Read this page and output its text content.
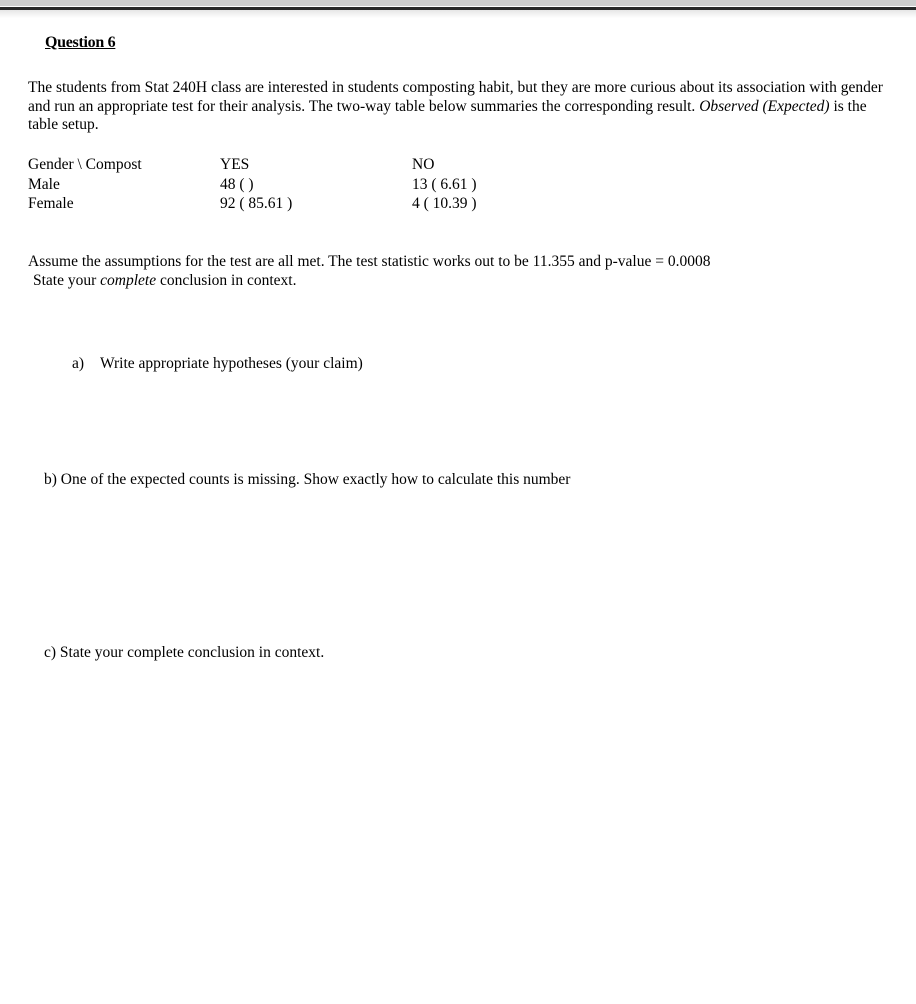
Question 6
The students from Stat 240H class are interested in students composting habit, but they are more curious about its association with gender and run an appropriate test for their analysis. The two-way table below summaries the corresponding result. Observed (Expected) is the table setup.
Gender \ Compost	YES	NO
Male	48 ( )	13 ( 6.61 )
Female	92 ( 85.61 )	4 ( 10.39 )
Assume the assumptions for the test are all met. The test statistic works out to be 11.355 and p-value = 0.0008
State your complete conclusion in context.
a) Write appropriate hypotheses (your claim)
b) One of the expected counts is missing. Show exactly how to calculate this number
c) State your complete conclusion in context.
